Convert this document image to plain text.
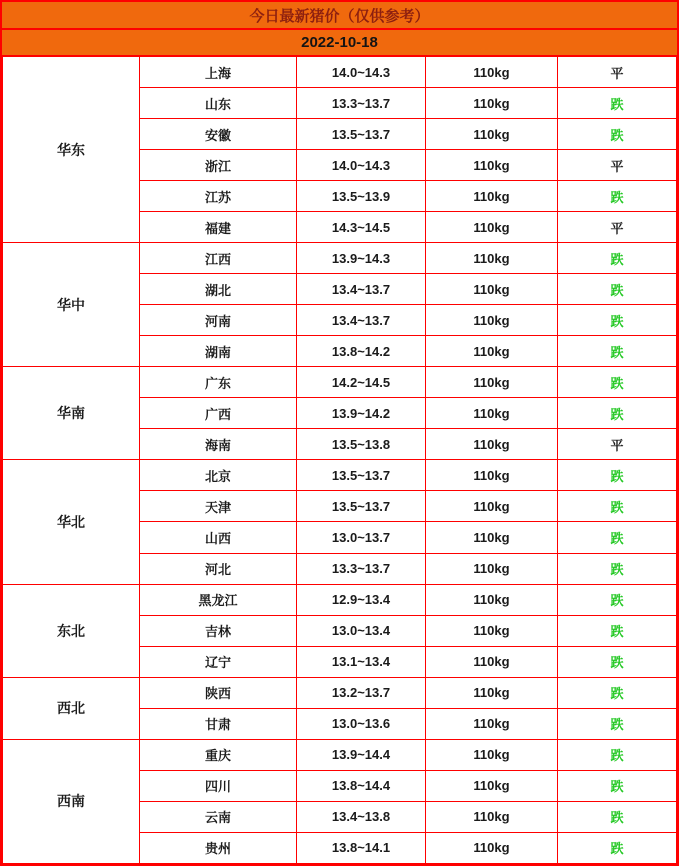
今日最新猪价（仅供参考）
2022-10-18
华东	上海	14.0~14.3	110kg	平
	山东	13.3~13.7	110kg	跌
	安徽	13.5~13.7	110kg	跌
	浙江	14.0~14.3	110kg	平
	江苏	13.5~13.9	110kg	跌
	福建	14.3~14.5	110kg	平
华中	江西	13.9~14.3	110kg	跌
	湖北	13.4~13.7	110kg	跌
	河南	13.4~13.7	110kg	跌
	湖南	13.8~14.2	110kg	跌
华南	广东	14.2~14.5	110kg	跌
	广西	13.9~14.2	110kg	跌
	海南	13.5~13.8	110kg	平
华北	北京	13.5~13.7	110kg	跌
	天津	13.5~13.7	110kg	跌
	山西	13.0~13.7	110kg	跌
	河北	13.3~13.7	110kg	跌
东北	黑龙江	12.9~13.4	110kg	跌
	吉林	13.0~13.4	110kg	跌
	辽宁	13.1~13.4	110kg	跌
西北	陕西	13.2~13.7	110kg	跌
	甘肃	13.0~13.6	110kg	跌
西南	重庆	13.9~14.4	110kg	跌
	四川	13.8~14.4	110kg	跌
	云南	13.4~13.8	110kg	跌
	贵州	13.8~14.1	110kg	跌
